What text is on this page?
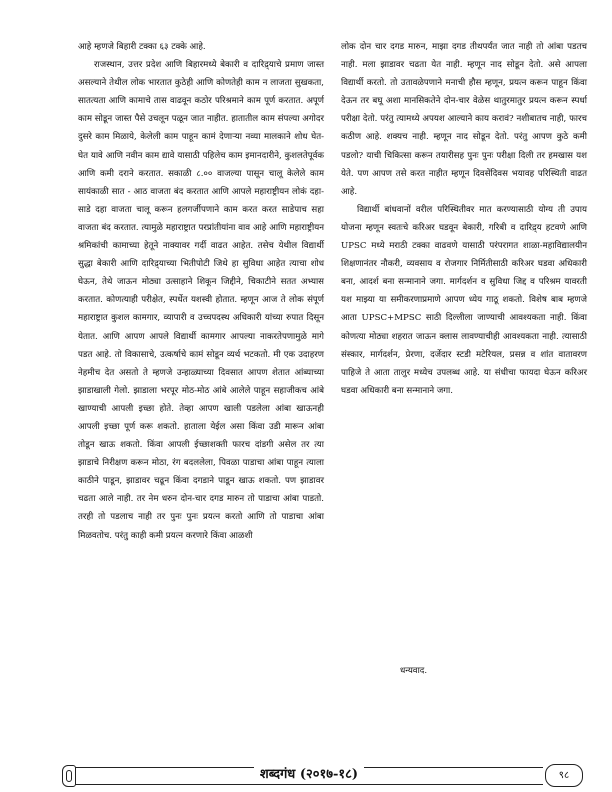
आहे म्हणजे बिहारी टक्का ६३ टक्के आहे.

राजस्थान, उत्तर प्रदेश आणि बिहारमध्ये बेकारी व दारिद्र्याचे प्रमाण जास्त असल्याने तेथील लोक भारतात कुठेही आणि कोणतेही काम न लाजता सुखकता, सातत्यता आणि कामाचे तास वाढवून कठोर परिश्रमाने काम पूर्ण करतात. अपूर्ण काम सोडून जास्त पैसे उचलून पळून जात नाहीत. हातातील काम संपल्या अगोदर दुसरे काम मिळाये, केलेली काम पाहून कामं देणाऱ्या नव्या मालकाने शोध घेत-घेत यावे आणि नवीन काम द्यावे यासाठी पहिलेच काम इमानदारीने, कुशलतेपूर्वक आणि कमी दराने करतात. सकाळी ८.०० वाजल्या पासून चालू केलेले काम सायंकाळी सात - आठ वाजता बंद करतात आणि आपले महाराष्ट्रीयन लोकं दहा-साडे दहा वाजता चालू करून हलगर्जीपणाने काम करत करत साडेपाच सहा वाजता बंद करतात. त्यामुळे महाराष्ट्रात परप्रांतीयांना वाव आहे आणि महाराष्ट्रीयन श्रमिकांची कामाच्या हेतूने नाक्यावर गर्दी वाढत आहेत. तसेच येथील विद्यार्थी सुद्धा बेकारी आणि दारिद्र्याच्या भितीपोटी जिथे हा सुविधा आहेत त्याचा शोध घेऊन, तेथे जाऊन मोठ्या उत्साहाने शिकून जिद्दीने, चिकाटीने सतत अभ्यास करतात. कोणत्याही परीक्षेत, स्पर्धेत यशस्वी होतात. म्हणून आज ते लोक संपूर्ण महाराष्ट्रात कुशल कामगार, व्यापारी व उच्चपदस्थ अधिकारी यांच्या रुपात दिसून येतात. आणि आपण आपले विद्यार्थी कामगार आपल्या नाकरतेपणामुळे मागे पडत आहे. तो विकासाचे, उत्कर्षाचे कामं सोडून व्यर्थ भटकतो. मी एक उदाहरण नेहमीच देत असतो ते म्हणजे उन्हाळ्याच्या दिवसात आपण शेतात आंब्याच्या झाडाखाली गेलो. झाडाला भरपूर मोठ-मोठ आंबे आलेले पाहून सहाजीकच आंबे खाण्याची आपली इच्छा होते. तेव्हा आपण खाली पडलेला आंबा खाऊनही आपली इच्छा पूर्ण करू शकतो. हाताला येईल असा किंवा उडी मारून आंबा तोडून खाऊ शकतो. किंवा आपली ईच्छाशक्ती फारच दांडगी असेल तर त्या झाडाचे निरीक्षण करून मोठा, रंग बदललेला, पिवळा पाडाचा आंबा पाहून त्याला काठीने पाडून, झाडावर चढून किंवा दगडाने पाडून खाऊ शकतो. पण झाडावर चढता आले नाही. तर नेम धरुन दोन-चार दगड मारुन तो पाडाचा आंबा पाडतो. तरही तो पडलाच नाही तर पुनः पुनः प्रयत्न करतो आणि तो पाडाचा आंबा मिळवतोच. परंतु काही कमी प्रयत्न करणारे किंवा आळशी

लोक दोन चार दगड मारुन, माझा दगड तीथपर्यंत जात नाही तो आंबा पडतच नाही. मला झाडावर चढता येत नाही. म्हणून नाद सोडून देतो. असे आपला विद्यार्थी करतो. तो उतावळेपणाने मनाची हौस म्हणून, प्रयत्न करून पाहून किंवा देऊन तर बघू अशा मानसिकतेने दोन-चार वेळेस थातुरमातुर प्रयत्न करून स्पर्धा परीक्षा देतो. परंतु त्यामध्ये अपयश आल्याने काय करावं? नशीबातच नाही, फारच कठीण आहे. शक्यच नाही. म्हणून नाद सोडून देतो. परंतु आपण कुठे कमी पडलो? याची चिकित्सा करून तयारीसह पुनः पुनः परीक्षा दिली तर हमखास यश येते. पण आपण तसे करत नाहीत म्हणून दिवसेंदिवस भयावह परिस्थिती वाढत आहे.

विद्यार्थी बांधवानों वरील परिस्थितीवर मात करण्यासाठी योग्य ती उपाय योजना म्हणून स्वतःचे करिअर घडवून बेकारी, गरिबी व दारिद्र्य हटवणे आणि UPSC मध्ये मराठी टक्का वाढवणे यासाठी परंपरागत शाळा-महाविद्यालयीन शिक्षणानंतर नौकरी, व्यवसाय व रोजगार निर्मितीसाठी करिअर घडवा अधिकारी बना, आदर्श बना सन्मानाने जगा. मार्गदर्शन व सुविधा जिद्द व परिश्रम यावरती यश माझ्या या समीकरणाप्रमाणे आपण ध्येय गाठू शकतो. विशेष बाब म्हणजे आता UPSC+MPSC साठी दिल्लीला जाण्याची आवश्यकता नाही. किंवा कोणत्या मोठ्या शहरात जाऊन क्लास लावण्याचीही आवश्यकता नाही. त्यासाठी संस्कार, मार्गदर्शन, प्रेरणा, दर्जेदार स्टडी मटेरियल, प्रसन्न व शांत वातावरण पाहिजे ते आता तालुर मध्येच उपलब्ध आहे. या संधीचा फायदा घेऊन करिअर घडवा अधिकारी बना सन्मानाने जगा.

धन्यवाद.
शब्दगंध (२०१७-१८)	९८
